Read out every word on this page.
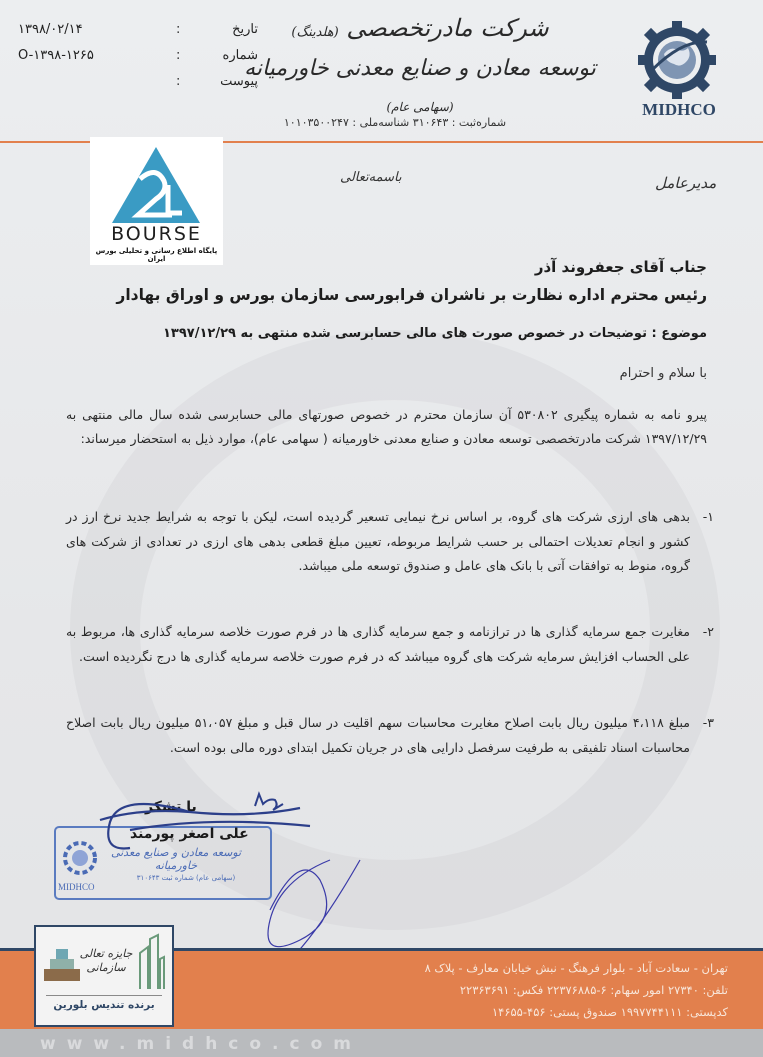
۱۳۹۸/۰۲/۱۴	:	تاریخ
O-۱۳۹۸-۱۲۶۵	:	شماره
:	پیوست
شرکت مادرتخصصی (هلدینگ)
توسعه معادن و صنایع معدنی خاورمیانه (سهامی عام)
شماره‌ثبت : ۳۱۰۶۴۳ شناسه‌ملی : ۱۰۱۰۳۵۰۰۲۴۷
MIDHCO
BOURSE
پایگاه اطلاع رسانی و تحلیلی بورس ایران
باسمه‌تعالی	مدیرعامل
جناب آقای جعفروند آذر
رئیس محترم اداره نظارت بر ناشران فرابورسی سازمان بورس و اوراق بهادار
موضوع : توضیحات در خصوص صورت های مالی حسابرسی شده منتهی به ۱۳۹۷/۱۲/۲۹
با سلام و احترام
پیرو نامه به شماره پیگیری ۵۳۰۸۰۲ آن سازمان محترم در خصوص صورتهای مالی حسابرسی شده سال مالی منتهی به ۱۳۹۷/۱۲/۲۹ شرکت مادرتخصصی توسعه معادن و صنایع معدنی خاورمیانه ( سهامی عام)، موارد ذیل به استحضار میرساند:
۱-
بدهی های ارزی شرکت های گروه، بر اساس نرخ نیمایی تسعیر گردیده است، لیکن با توجه به شرایط جدید نرخ ارز در کشور و انجام تعدیلات احتمالی بر حسب شرایط مربوطه، تعیین مبلغ قطعی بدهی های ارزی در تعدادی از شرکت های گروه، منوط به توافقات آتی با بانک های عامل و صندوق توسعه ملی میباشد.
۲-
مغایرت جمع سرمایه گذاری ها در ترازنامه و جمع سرمایه گذاری ها در فرم صورت خلاصه سرمایه گذاری ها، مربوط به علی الحساب افزایش سرمایه شرکت های گروه میباشد که در فرم صورت خلاصه سرمایه گذاری ها درج نگردیده است.
۳-
مبلغ ۴،۱۱۸ میلیون ریال بابت اصلاح مغایرت محاسبات سهم اقلیت در سال قبل و مبلغ ۵۱،۰۵۷ میلیون ریال بابت اصلاح محاسبات اسناد تلفیقی به طرفیت سرفصل دارایی های در جریان تکمیل ابتدای دوره مالی بوده است.
توسعه معادن و صنایع معدنی خاورمیانه
(سهامی عام) شماره ثبت ۳۱۰۶۴۳
MIDHCO
با تشکر
علی اصغر پورمند
تهران - سعادت آباد - بلوار فرهنگ - نبش خیابان معارف - پلاک ۸
تلفن: ۲۷۳۴۰ امور سهام: ۶-۲۲۳۷۶۸۸۵ فکس: ۲۲۳۶۳۶۹۱
کدپستی: ۱۹۹۷۷۴۴۱۱۱ صندوق پستی: ۴۵۶-۱۴۶۵۵
جایزه تعالی سازمانی
برنده تندیس بلورین
www.midhco.com
